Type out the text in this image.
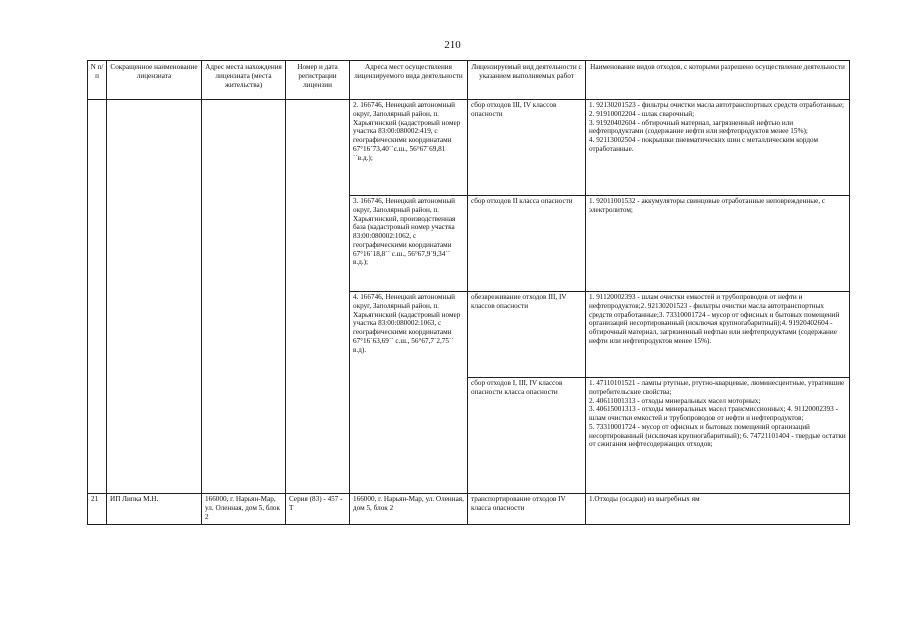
210
N п/ п	Сокращенное наименование лицензиата	Адрес места нахождения лицензиата (места жительства)	Номер и дата регистрации лицензии	Адреса мест осуществления лицензируемого вида деятельности	Лицензируемый вид деятельности с указанием выполняемых работ	Наименование видов отходов, с которыми разрешено осуществление деятельности
				2. 166746, Ненецкий автономный округ, Заполярный район, п. Харьягинский (кадастровый номер участка 83:00:080002:419, с географическими координатами 67°16´73,40´´с.ш., 56°67´69,81´´в.д.);	сбор отходов III, IV классов опасности	1. 92130201523 - фильтры очистки масла автотранспортных средств отработанные;
2. 91910002204 - шлак сварочный;
3. 91920402604 - обтирочный материал, загрязненный нефтью или нефтепродуктами (содержание нефти или нефтепродуктов менее 15%);
4. 92113002504 - покрышки пневматических шин с металлическим кордом отработанные.
				3. 166746, Ненецкий автономный округ, Заполярный район, п. Харьягинский, производственная база (кадастровый номер участка 83:00:080002:1062, с географическими координатами 67°16´18,8´´ с.ш., 56°67,9´9,34´´ в.д.);	сбор отходов II класса опасности	1. 92011001532 - аккумуляторы свинцовые отработанные неповрежденные, с электролитом;
				4. 166746, Ненецкий автономный округ, Заполярный район, п. Харьягинский (кадастровый номер участка 83:00:080002:1063, с географическими координатами 67°16´63,69´´ с.ш., 56°67,7´2,75´´ в.д).	обезвреживание отходов III, IV классов опасности	1. 91120002393 - шлам очистки емкостей и трубопроводов от нефти и нефтепродуктов;2. 92130201523 - фильтры очистки масла автотранспортных средств отработанные;3. 73310001724 - мусор от офисных и бытовых помещений организаций несортированный (исключая крупногабаритный);4. 91920402604 - обтирочный материал, загрязненный нефтью или нефтепродуктами (содержание нефти или нефтепродуктов менее 15%).
					сбор отходов I, III, IV классов опасности класса опасности	1. 47110101521 - лампы ртутные, ртутно-кварцевые, люминесцентные, утратившие потребительские свойства;
2. 40611001313 - отходы минеральных масел моторных;
3. 40615001313 - отходы минеральных масел трансмиссионных; 4. 91120002393 - шлам очистки емкостей и трубопроводов от нефти и нефтепродуктов;
5. 73310001724 - мусор от офисных и бытовых помещений организаций несортированный (исключая крупногабаритный); 6. 74721101404 - твердые остатки от сжигания нефтесодержащих отходов;
21	ИП Липка М.Н.	166000, г. Нарьян-Мар, ул. Оленная, дом 5, блок 2	Серия (83) - 457 - Т	166000, г. Нарьян-Мар, ул. Оленная, дом 5, блок 2	транспортирование отходов IV класса опасности	1.Отходы (осадки) из выгребных ям
